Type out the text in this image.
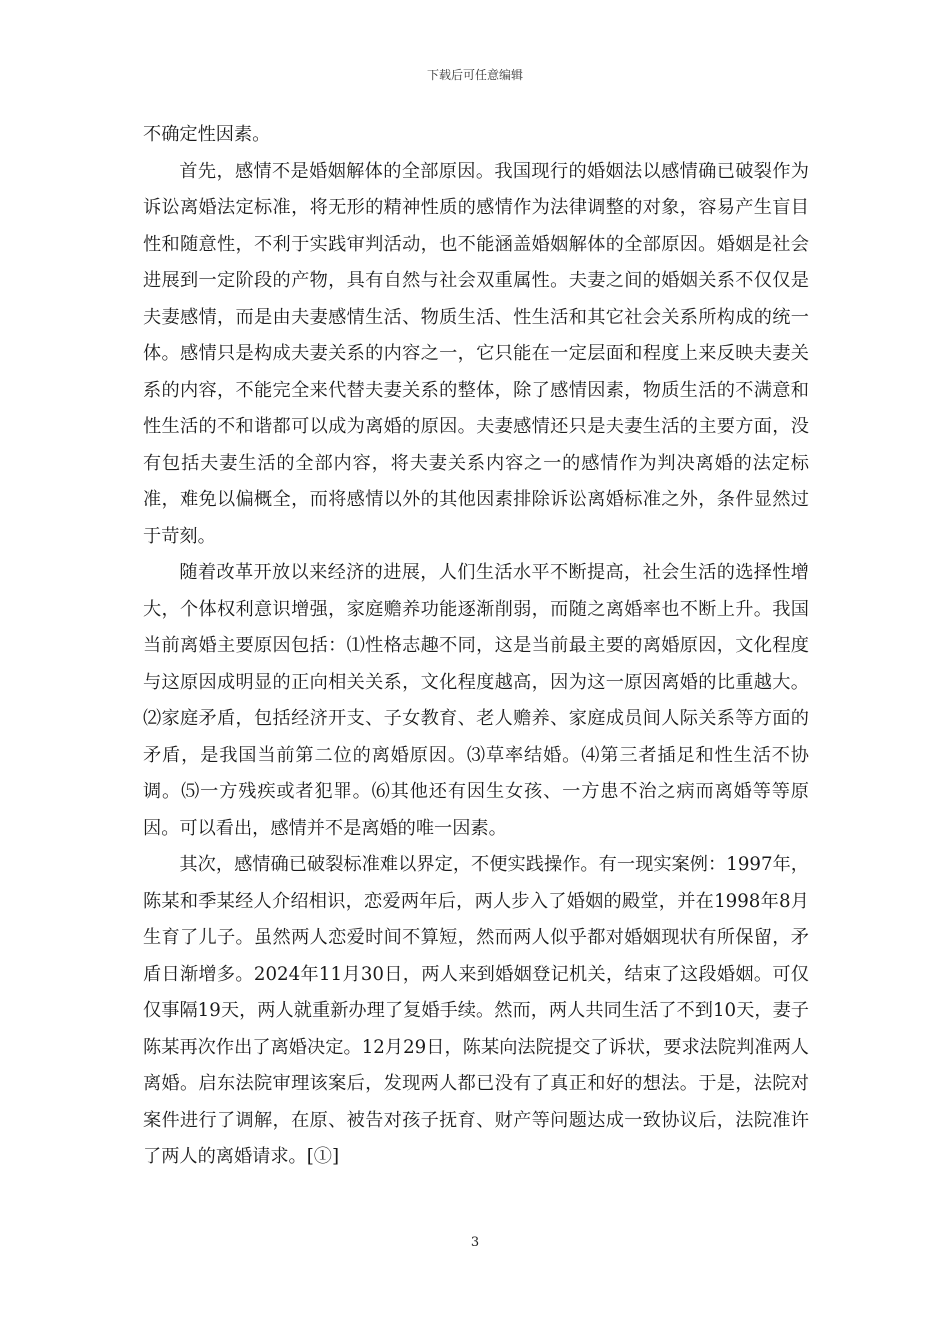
下载后可任意编辑

不确定性因素。

首先，感情不是婚姻解体的全部原因。我国现行的婚姻法以感情确已破裂作为诉讼离婚法定标准，将无形的精神性质的感情作为法律调整的对象，容易产生盲目性和随意性，不利于实践审判活动，也不能涵盖婚姻解体的全部原因。婚姻是社会进展到一定阶段的产物，具有自然与社会双重属性。夫妻之间的婚姻关系不仅仅是夫妻感情，而是由夫妻感情生活、物质生活、性生活和其它社会关系所构成的统一体。感情只是构成夫妻关系的内容之一，它只能在一定层面和程度上来反映夫妻关系的内容，不能完全来代替夫妻关系的整体，除了感情因素，物质生活的不满意和性生活的不和谐都可以成为离婚的原因。夫妻感情还只是夫妻生活的主要方面，没有包括夫妻生活的全部内容，将夫妻关系内容之一的感情作为判决离婚的法定标准，难免以偏概全，而将感情以外的其他因素排除诉讼离婚标准之外，条件显然过于苛刻。

随着改革开放以来经济的进展，人们生活水平不断提高，社会生活的选择性增大，个体权利意识增强，家庭赡养功能逐渐削弱，而随之离婚率也不断上升。我国当前离婚主要原因包括：⑴性格志趣不同，这是当前最主要的离婚原因，文化程度与这原因成明显的正向相关关系，文化程度越高，因为这一原因离婚的比重越大。⑵家庭矛盾，包括经济开支、子女教育、老人赡养、家庭成员间人际关系等方面的矛盾，是我国当前第二位的离婚原因。⑶草率结婚。⑷第三者插足和性生活不协调。⑸一方残疾或者犯罪。⑹其他还有因生女孩、一方患不治之病而离婚等等原因。可以看出，感情并不是离婚的唯一因素。

其次，感情确已破裂标准难以界定，不便实践操作。有一现实案例：1997年，陈某和季某经人介绍相识，恋爱两年后，两人步入了婚姻的殿堂，并在1998年8月生育了儿子。虽然两人恋爱时间不算短，然而两人似乎都对婚姻现状有所保留，矛盾日渐增多。2024年11月30日，两人来到婚姻登记机关，结束了这段婚姻。可仅仅事隔19天，两人就重新办理了复婚手续。然而，两人共同生活了不到10天，妻子陈某再次作出了离婚决定。12月29日，陈某向法院提交了诉状，要求法院判准两人离婚。启东法院审理该案后，发现两人都已没有了真正和好的想法。于是，法院对案件进行了调解，在原、被告对孩子抚育、财产等问题达成一致协议后，法院准许了两人的离婚请求。[①]

3
